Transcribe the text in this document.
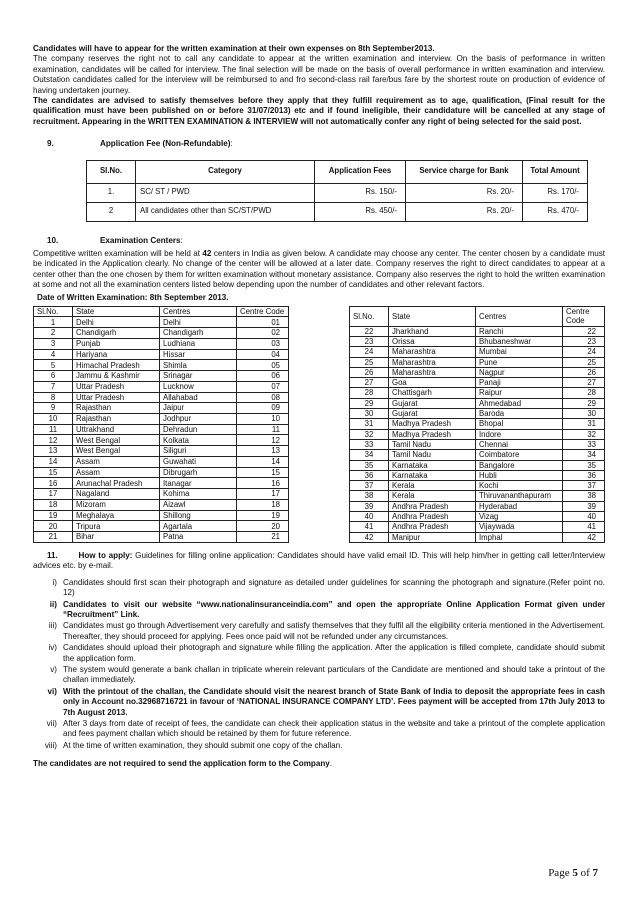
Candidates will have to appear for the written examination at their own expenses on 8th September2013.

The company reserves the right not to call any candidate to appear at the written examination and interview. On the basis of performance in written examination, candidates will be called for interview. The final selection will be made on the basis of overall performance in written examination and interview. Outstation candidates called for the interview will be reimbursed to and fro second-class rail fare/bus fare by the shortest route on production of evidence of having undertaken journey.

The candidates are advised to satisfy themselves before they apply that they fulfill requirement as to age, qualification, (Final result for the qualification must have been published on or before 31/07/2013) etc and if found ineligible, their candidature will be cancelled at any stage of recruitment. Appearing in the WRITTEN EXAMINATION & INTERVIEW will not automatically confer any right of being selected for the said post.

9.	Application Fee (Non-Refundable) :
Sl.No.	Category	Application Fees	Service charge for Bank	Total Amount
1.	SC/ ST / PWD	Rs. 150/-	Rs. 20/-	Rs. 170/-
2	All candidates other than SC/ST/PWD	Rs. 450/-	Rs. 20/-	Rs. 470/-
10.	Examination Centers :

Competitive written examination will be held at 42 centers in India as given below. A candidate may choose any center. The center chosen by a candidate must be indicated in the Application clearly. No change of the center will be allowed at a later date. Company reserves the right to direct candidates to appear at a center other than the one chosen by them for written examination without monetary assistance. Company also reserves the right to hold the written examination at some and not all the examination centers listed below depending upon the number of candidates and other relevant factors.

Date of Written Examination: 8th September 2013.

Sl.No.	State	Centres	Centre Code
1	Delhi	Delhi	01
2	Chandigarh	Chandigarh	02
3	Punjab	Ludhiana	03
4	Hariyana	Hissar	04
5	Himachal Pradesh	Shimla	05
6	Jammu & Kashmir	Srinagar	06
7	Uttar Pradesh	Lucknow	07
8	Uttar Pradesh	Allahabad	08
9	Rajasthan	Jaipur	09
10	Rajasthan	Jodhpur	10
11	Uttrakhand	Dehradun	11
12	West Bengal	Kolkata	12
13	West Bengal	Siliguri	13
14	Assam	Guwahati	14
15	Assam	Dibrugarh	15
16	Arunachal Pradesh	Itanagar	16
17	Nagaland	Kohima	17
18	Mizoram	Aizawl	18
19	Meghalaya	Shillong	19
20	Tripura	Agartala	20
21	Bihar	Patna	21
Sl.No.	State	Centres	Centre Code
22	Jharkhand	Ranchi	22
23	Orissa	Bhubaneshwar	23
24	Maharashtra	Mumbai	24
25	Maharashtra	Pune	25
26	Maharashtra	Nagpur	26
27	Goa	Panaji	27
28	Chattisgarh	Raipur	28
29	Gujarat	Ahmedabad	29
30	Gujarat	Baroda	30
31	Madhya Pradesh	Bhopal	31
32	Madhya Pradesh	Indore	32
33	Tamil Nadu	Chennai	33
34	Tamil Nadu	Coimbatore	34
35	Karnataka	Bangalore	35
36	Karnataka	Hubli	36
37	Kerala	Kochi	37
38	Kerala	Thiruvananthapuram	38
39	Andhra Pradesh	Hyderabad	39
40	Andhra Pradesh	Vizag	40
41	Andhra Pradesh	Vijaywada	41
42	Manipur	Imphal	42

11.	How to apply: Guidelines for filling online application: Candidates should have valid email ID. This will help him/her in getting call letter/Interview advices etc. by e-mail.

i) Candidates should first scan their photograph and signature as detailed under guidelines for scanning the photograph and signature.(Refer point no. 12)
ii) Candidates to visit our website “www.nationalinsuranceindia.com” and open the appropriate Online Application Format given under “Recruitment” Link.
iii) Candidates must go through Advertisement very carefully and satisfy themselves that they fulfil all the eligibility criteria mentioned in the Advertisement. Thereafter, they should proceed for applying. Fees once paid will not be refunded under any circumstances.
iv) Candidates should upload their photograph and signature while filling the application. After the application is filled complete, candidate should submit the application form.
v) The system would generate a bank challan in triplicate wherein relevant particulars of the Candidate are mentioned and should take a printout of the challan immediately.
vi) With the printout of the challan, the Candidate should visit the nearest branch of State Bank of India to deposit the appropriate fees in cash only in Account no.32968716721 in favour of ‘NATIONAL INSURANCE COMPANY LTD’. Fees payment will be accepted from 17th July 2013 to 7th August 2013.
vii) After 3 days from date of receipt of fees, the candidate can check their application status in the website and take a printout of the complete application and fees payment challan which should be retained by them for future reference.
viii) At the time of written examination, they should submit one copy of the challan.

The candidates are not required to send the application form to the Company.

Page 5 of 7
